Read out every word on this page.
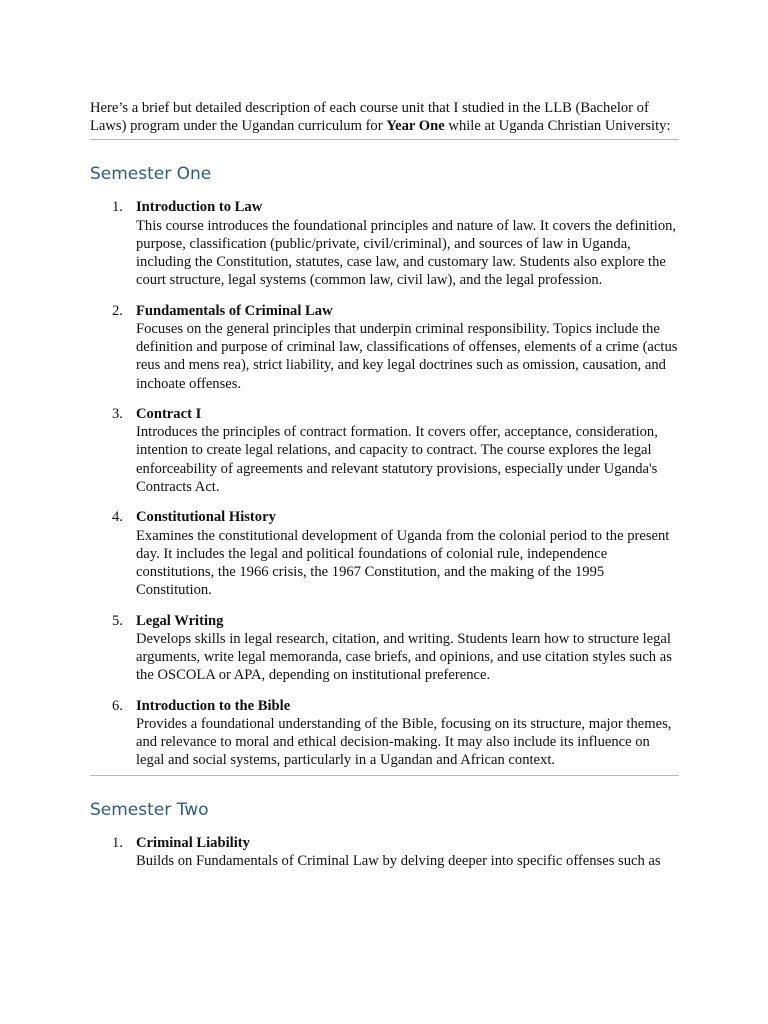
Here’s a brief but detailed description of each course unit that I studied in the LLB (Bachelor of Laws) program under the Ugandan curriculum for Year One while at Uganda Christian University:

Semester One
1. Introduction to Law
This course introduces the foundational principles and nature of law. It covers the definition, purpose, classification (public/private, civil/criminal), and sources of law in Uganda, including the Constitution, statutes, case law, and customary law. Students also explore the court structure, legal systems (common law, civil law), and the legal profession.
2. Fundamentals of Criminal Law
Focuses on the general principles that underpin criminal responsibility. Topics include the definition and purpose of criminal law, classifications of offenses, elements of a crime (actus reus and mens rea), strict liability, and key legal doctrines such as omission, causation, and inchoate offenses.
3. Contract I
Introduces the principles of contract formation. It covers offer, acceptance, consideration, intention to create legal relations, and capacity to contract. The course explores the legal enforceability of agreements and relevant statutory provisions, especially under Uganda's Contracts Act.
4. Constitutional History
Examines the constitutional development of Uganda from the colonial period to the present day. It includes the legal and political foundations of colonial rule, independence constitutions, the 1966 crisis, the 1967 Constitution, and the making of the 1995 Constitution.
5. Legal Writing
Develops skills in legal research, citation, and writing. Students learn how to structure legal arguments, write legal memoranda, case briefs, and opinions, and use citation styles such as the OSCOLA or APA, depending on institutional preference.
6. Introduction to the Bible
Provides a foundational understanding of the Bible, focusing on its structure, major themes, and relevance to moral and ethical decision-making. It may also include its influence on legal and social systems, particularly in a Ugandan and African context.
Semester Two
1. Criminal Liability
Builds on Fundamentals of Criminal Law by delving deeper into specific offenses such as
